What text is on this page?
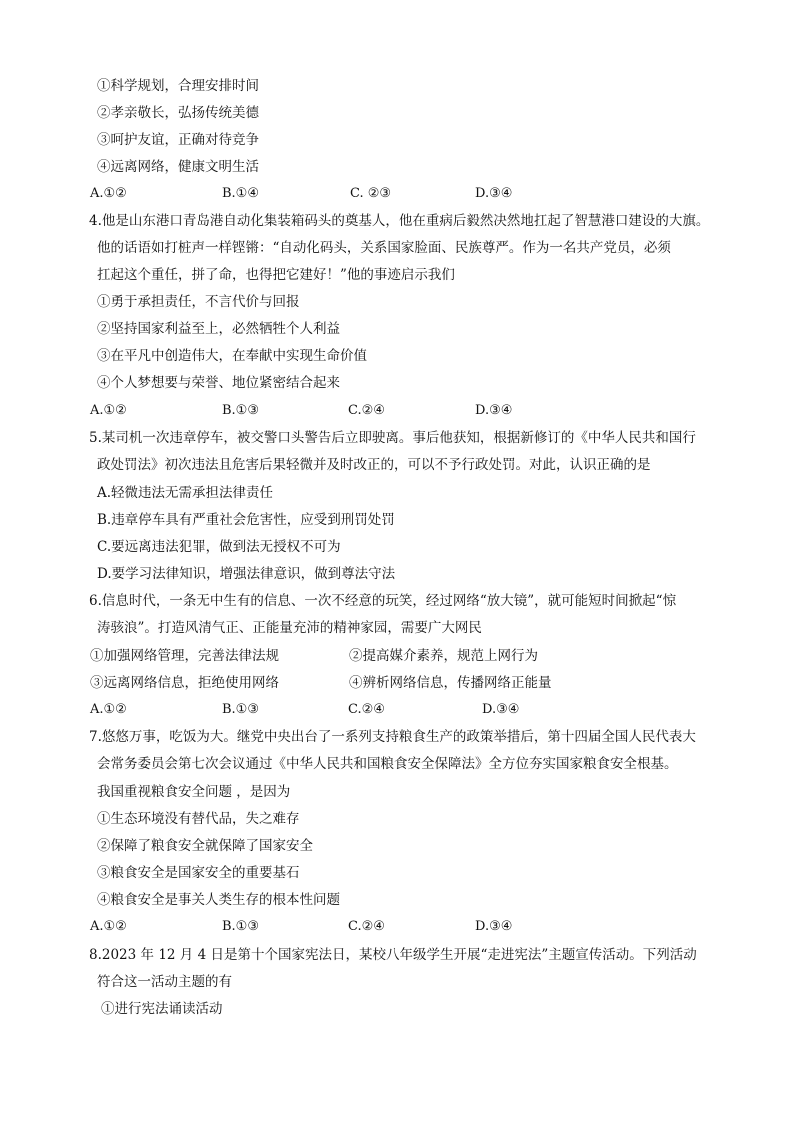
①科学规划，合理安排时间
②孝亲敬长，弘扬传统美德
③呵护友谊，正确对待竞争
④远离网络，健康文明生活
A.①②	B.①④	C. ②③	D.③④
4.他是山东港口青岛港自动化集装箱码头的奠基人，他在重病后毅然决然地扛起了智慧港口建设的大旗。
他的话语如打桩声一样铿锵：“自动化码头，关系国家脸面、民族尊严。作为一名共产党员，必须
扛起这个重任，拼了命，也得把它建好！”他的事迹启示我们
①勇于承担责任，不言代价与回报
②坚持国家利益至上，必然牺牲个人利益
③在平凡中创造伟大，在奉献中实现生命价值
④个人梦想要与荣誉、地位紧密结合起来
A.①②	B.①③	C.②④	D.③④
5.某司机一次违章停车，被交警口头警告后立即驶离。事后他获知，根据新修订的《中华人民共和国行
政处罚法》初次违法且危害后果轻微并及时改正的，可以不予行政处罚。对此，认识正确的是
A.轻微违法无需承担法律责任
B.违章停车具有严重社会危害性，应受到刑罚处罚
C.要远离违法犯罪，做到法无授权不可为
D.要学习法律知识，增强法律意识，做到尊法守法
6.信息时代，一条无中生有的信息、一次不经意的玩笑，经过网络“放大镜”，就可能短时间掀起“惊
涛骇浪”。打造风清气正、正能量充沛的精神家园，需要广大网民
①加强网络管理，完善法律法规	②提高媒介素养，规范上网行为
③远离网络信息，拒绝使用网络	④辨析网络信息，传播网络正能量
A.①②	B.①③	C.②④	D.③④
7.悠悠万事，吃饭为大。继党中央出台了一系列支持粮食生产的政策举措后，第十四届全国人民代表大
会常务委员会第七次会议通过《中华人民共和国粮食安全保障法》全方位夯实国家粮食安全根基。
我国重视粮食安全问题 ，是因为
①生态环境没有替代品，失之难存
②保障了粮食安全就保障了国家安全
③粮食安全是国家安全的重要基石
④粮食安全是事关人类生存的根本性问题
A.①②	B.①③	C.②④	D.③④
8.2023 年 12 月 4 日是第十个国家宪法日，某校八年级学生开展“走进宪法”主题宣传活动。下列活动
符合这一活动主题的有
①进行宪法诵读活动
